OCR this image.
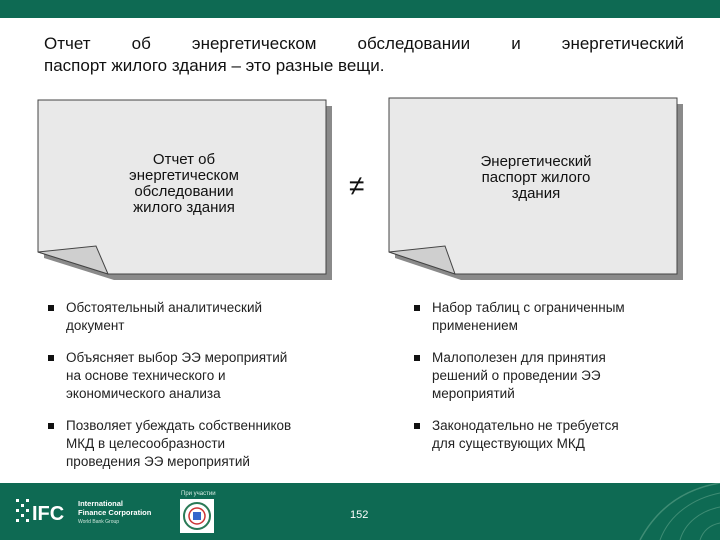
Отчет об энергетическом обследовании и энергетический
паспорт жилого здания – это разные вещи.
Отчет об
энергетическом
обследовании
жилого здания
≠
Энергетический
паспорт жилого
здания
Обстоятельный аналитический
документ
Объясняет выбор ЭЭ мероприятий
на основе технического и
экономического анализа
Позволяет убеждать собственников
МКД в целесообразности
проведения ЭЭ мероприятий
Набор таблиц с ограниченным
применением
Малополезен для принятия
решений о проведении ЭЭ
мероприятий
Законодательно не требуется
для существующих МКД
IFC International
Finance Corporation
World Bank Group
При участии
152
